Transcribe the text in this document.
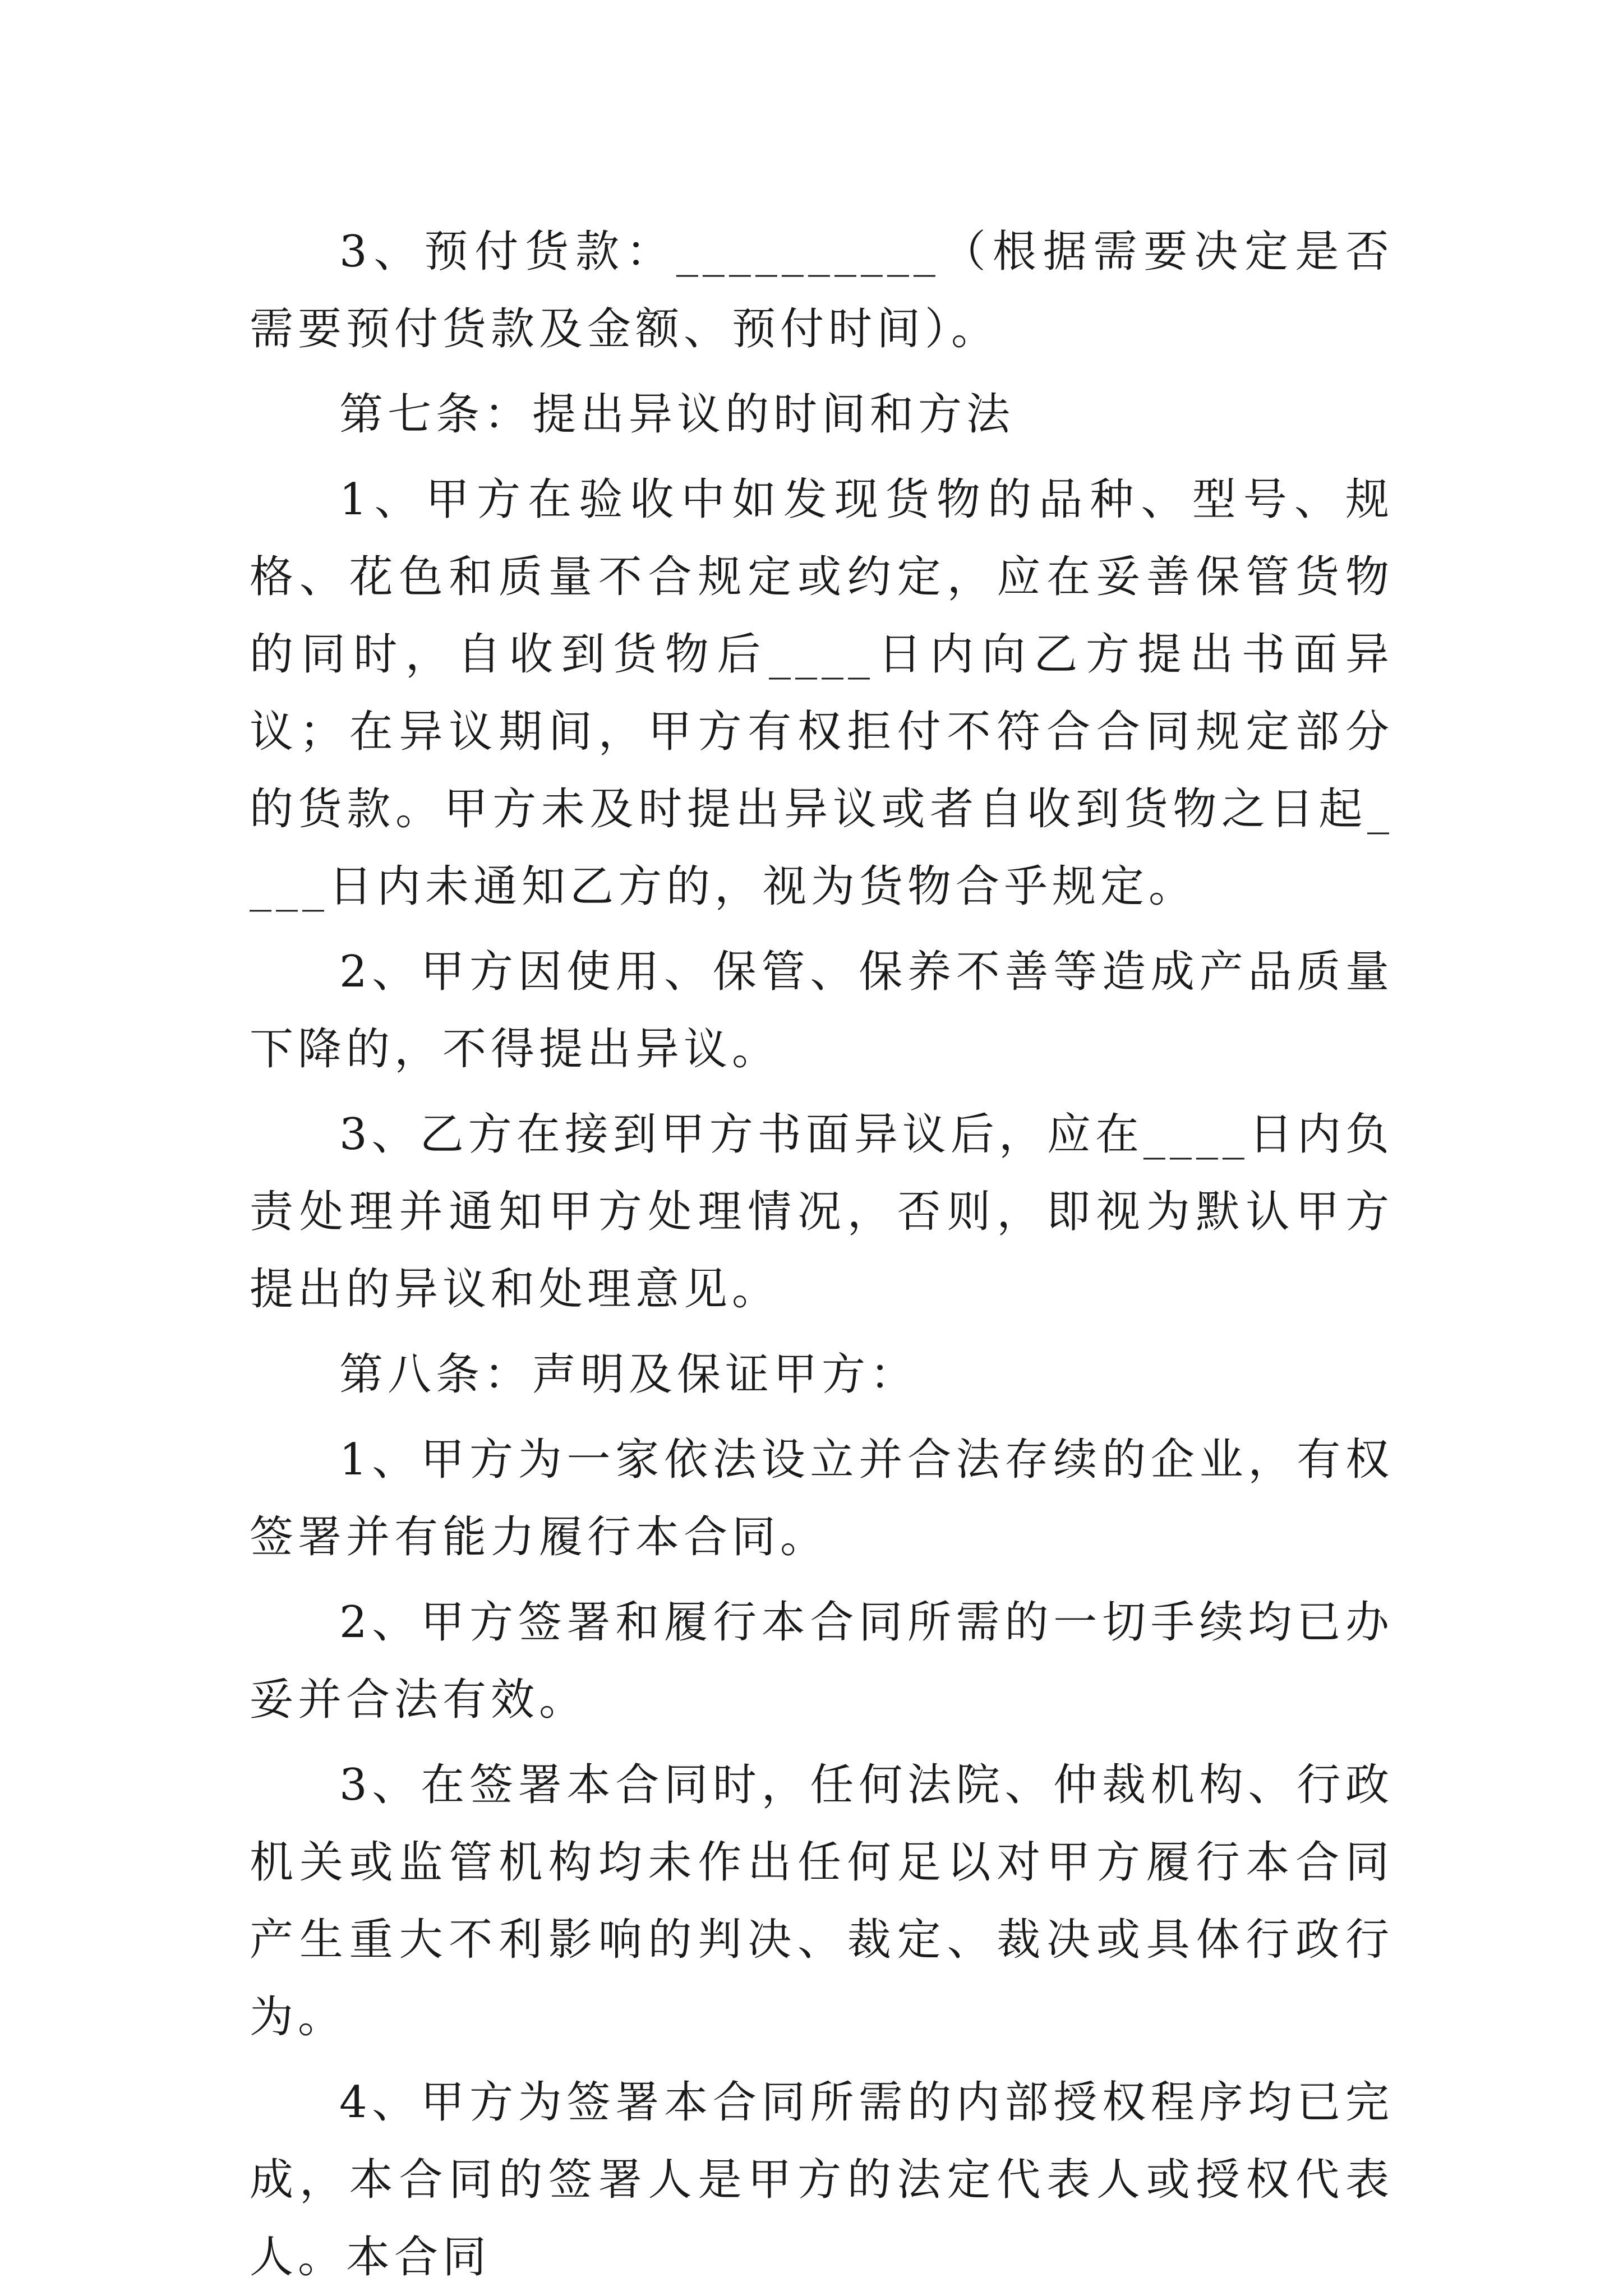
3、预付货款：__________（根据需要决定是否需要预付货款及金额、预付时间）。

第七条：提出异议的时间和方法

1、甲方在验收中如发现货物的品种、型号、规格、花色和质量不合规定或约定，应在妥善保管货物的同时，自收到货物后____日内向乙方提出书面异议；在异议期间，甲方有权拒付不符合合同规定部分的货款。甲方未及时提出异议或者自收到货物之日起____日内未通知乙方的，视为货物合乎规定。

2、甲方因使用、保管、保养不善等造成产品质量下降的，不得提出异议。

3、乙方在接到甲方书面异议后，应在____日内负责处理并通知甲方处理情况，否则，即视为默认甲方提出的异议和处理意见。

第八条：声明及保证甲方：

1、甲方为一家依法设立并合法存续的企业，有权签署并有能力履行本合同。

2、甲方签署和履行本合同所需的一切手续均已办妥并合法有效。

3、在签署本合同时，任何法院、仲裁机构、行政机关或监管机构均未作出任何足以对甲方履行本合同产生重大不利影响的判决、裁定、裁决或具体行政行为。

4、甲方为签署本合同所需的内部授权程序均已完成，本合同的签署人是甲方的法定代表人或授权代表人。本合同
